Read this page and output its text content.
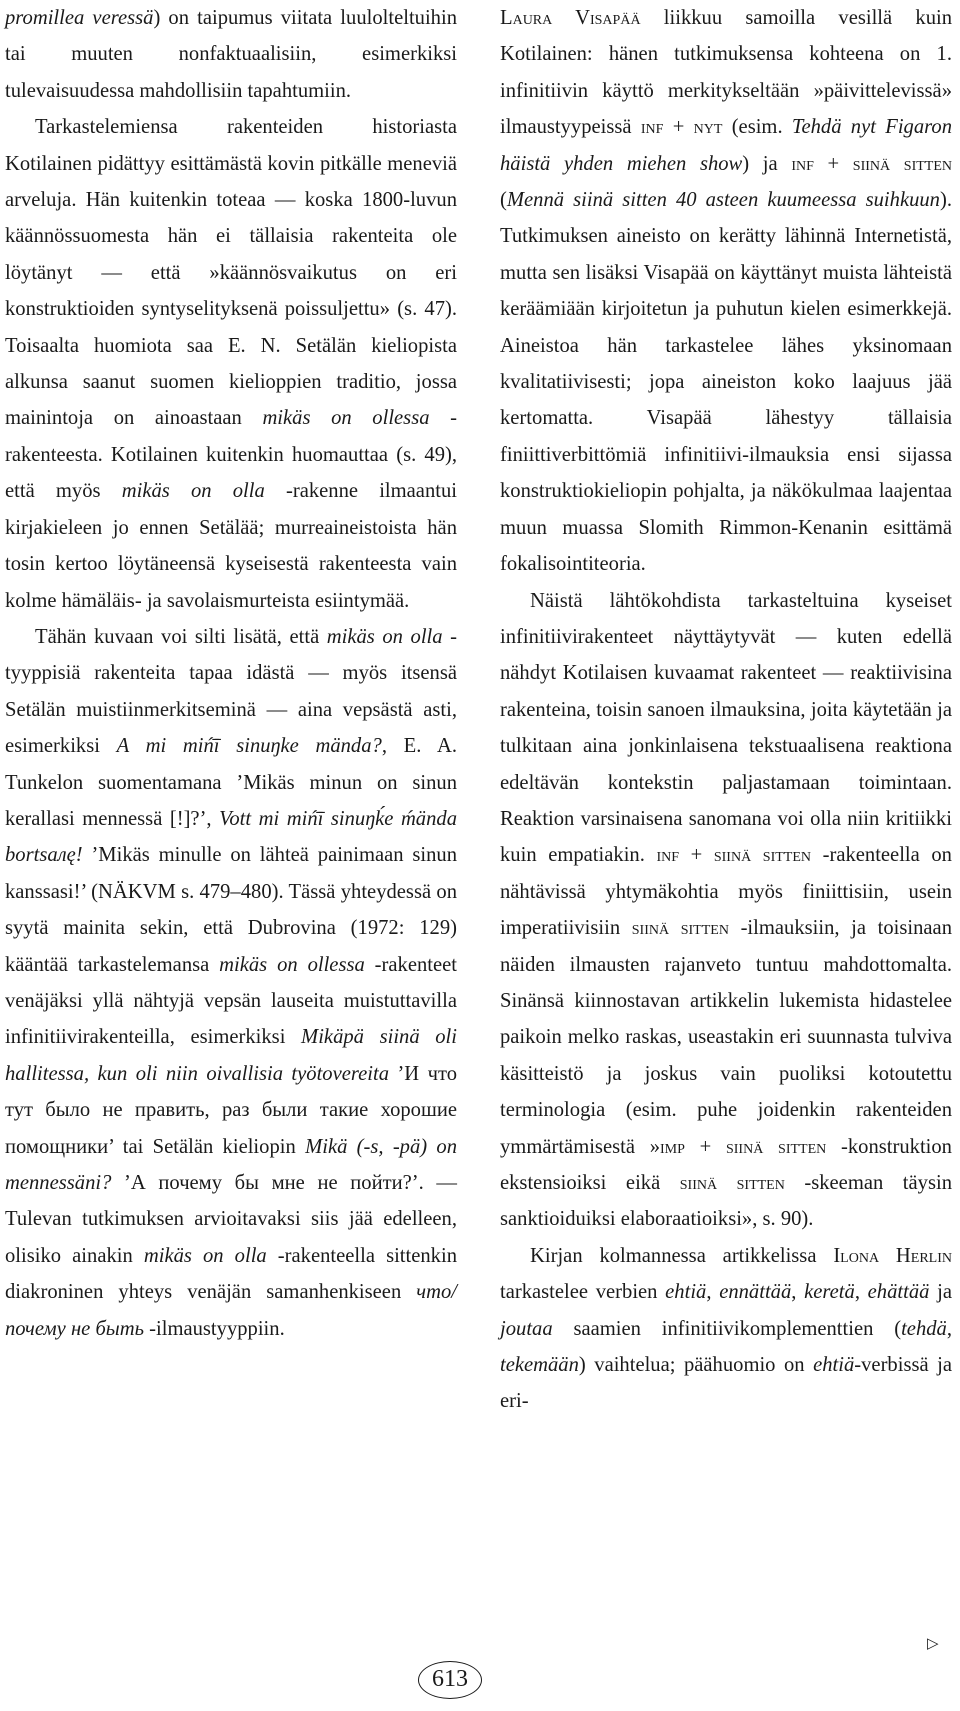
promillea veressä) on taipumus viitata luulolteltuihin tai muuten nonfaktuaalisiin, esimerkiksi tulevaisuudessa mahdollisiin tapahtumiin.

Tarkastelemiensa rakenteiden historiasta Kotilainen pidättyy esittämästä kovin pitkälle meneviä arveluja. Hän kuitenkin toteaa — koska 1800-luvun käännössuomesta hän ei tällaisia rakenteita ole löytänyt — että »käännösvaikutus on eri konstruktioiden syntyselityksenä poissuljettu» (s. 47). Toisaalta huomiota saa E. N. Setälän kieliopista alkunsa saanut suomen kielioppien traditio, jossa mainintoja on ainoastaan mikäs on ollessa -rakenteesta. Kotilainen kuitenkin huomauttaa (s. 49), että myös mikäs on olla -rakenne ilmaantui kirjakieleen jo ennen Setälää; murreaineistoista hän tosin kertoo löytäneensä kyseisestä rakenteesta vain kolme hämäläis- ja savolaismurteista esiintymää.

Tähän kuvaan voi silti lisätä, että mikäs on olla -tyyppisiä rakenteita tapaa idästä — myös itsensä Setälän muistiinmerkitseminä — aina vepsästä asti, esimerkiksi A mi miń̄ī sinuŋke mända?, E. A. Tunkelon suomentamana ’Mikäs minun on sinun kerallasi mennessä [!]?’, Vott mi miń̄ī sinuŋḱe ḿända bortsaлę! ’Mikäs minulle on lähteä painimaan sinun kanssasi!’ (NÄKVM s. 479–480). Tässä yhteydessä on syytä mainita sekin, että Dubrovina (1972: 129) kääntää tarkastelemansa mikäs on ollessa -rakenteet venäjäksi yllä nähtyjä vepsän lauseita muistuttavilla infinitiivirakenteilla, esimerkiksi Mikäpä siinä oli hallitessa, kun oli niin oivallisia työtovereita ’И что тут было не править, раз были такие хорошие помощники’ tai Setälän kieliopin Mikä (-s, -pä) on mennessäni? ’А почему бы мне не пойти?’. — Tulevan tutkimuksen arvioitavaksi siis jää edelleen, olisiko ainakin mikäs on olla -rakenteella sittenkin diakroninen yhteys venäjän samanhenkiseen что/почему не быть -ilmaustyyppiin.

Laura Visapää liikkuu samoilla vesillä kuin Kotilainen: hänen tutkimuksensa kohteena on 1. infinitiivin käyttö merkitykseltään »päivittelevissä» ilmaustyypeissä inf + nyt (esim. Tehdä nyt Figaron häistä yhden miehen show) ja inf + siinä sitten (Mennä siinä sitten 40 asteen kuumeessa suihkuun). Tutkimuksen aineisto on kerätty lähinnä Internetistä, mutta sen lisäksi Visapää on käyttänyt muista lähteistä keräämiään kirjoitetun ja puhutun kielen esimerkkejä. Aineistoa hän tarkastelee lähes yksinomaan kvalitatiivisesti; jopa aineiston koko laajuus jää kertomatta. Visapää lähestyy tällaisia finiittiverbittömiä infinitiivi-ilmauksia ensi sijassa konstruktiokieliopin pohjalta, ja näkökulmaa laajentaa muun muassa Slomith Rimmon-Kenanin esittämä fokalisointiteoria.

Näistä lähtökohdista tarkasteltuina kyseiset infinitiivirakenteet näyttäytyvät — kuten edellä nähdyt Kotilaisen kuvaamat rakenteet — reaktiivisina rakenteina, toisin sanoen ilmauksina, joita käytetään ja tulkitaan aina jonkinlaisena tekstuaalisena reaktiona edeltävän kontekstin paljastamaan toimintaan. Reaktion varsinaisena sanomana voi olla niin kritiikki kuin empatiakin. inf + siinä sitten -rakenteella on nähtävissä yhtymäkohtia myös finiittisiin, usein imperatiivisiin siinä sitten -ilmauksiin, ja toisinaan näiden ilmausten rajanveto tuntuu mahdottomalta. Sinänsä kiinnostavan artikkelin lukemista hidastelee paikoin melko raskas, useastakin eri suunnasta tulviva käsitteistö ja joskus vain puoliksi kotoutettu terminologia (esim. puhe joidenkin rakenteiden ymmärtämisestä »imp + siinä sitten -konstruktion ekstensioiksi eikä siinä sitten -skeeman täysin sanktioiduiksi elaboraatioiksi», s. 90).

Kirjan kolmannessa artikkelissa Ilona Herlin tarkastelee verbien ehtiä, ennättää, keretä, ehättää ja joutaa saamien infinitiivikomplementtien (tehdä, tekemään) vaihtelua; päähuomio on ehtiä-verbissä ja eri-

▷
613
